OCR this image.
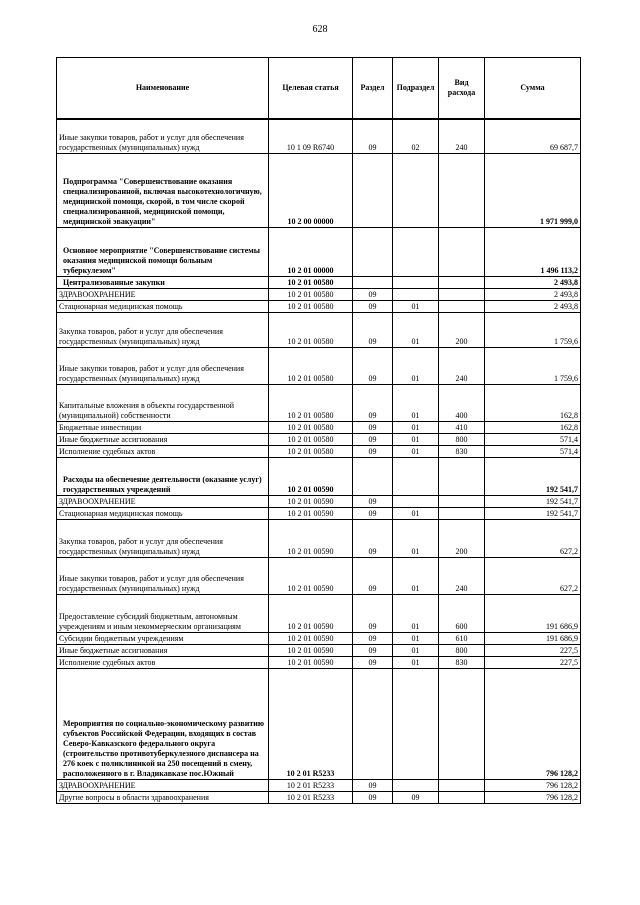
628
Наименование	Целевая статья	Раздел	Подраздел	Вид расхода	Сумма
Иные закупки товаров, работ и услуг для обеспечения государственных (муниципальных) нужд	10 1 09 R6740	09	02	240	69 687,7
Подпрограмма "Совершенствование оказания специализированной, включая высокотехнологичную, медицинской помощи, скорой, в том числе скорой специализированной, медицинской помощи, медицинской эвакуации"	10 2 00 00000				1 971 999,0
Основное мероприятие "Совершенствование системы оказания медицинской помощи больным туберкулезом"	10 2 01 00000				1 496 113,2
Централизованные закупки	10 2 01 00580				2 493,8
ЗДРАВООХРАНЕНИЕ	10 2 01 00580	09			2 493,8
Стационарная медицинская помощь	10 2 01 00580	09	01		2 493,8
Закупка товаров, работ и услуг для обеспечения государственных (муниципальных) нужд	10 2 01 00580	09	01	200	1 759,6
Иные закупки товаров, работ и услуг для обеспечения государственных (муниципальных) нужд	10 2 01 00580	09	01	240	1 759,6
Капитальные вложения в объекты государственной (муниципальной) собственности	10 2 01 00580	09	01	400	162,8
Бюджетные инвестиции	10 2 01 00580	09	01	410	162,8
Иные бюджетные ассигнования	10 2 01 00580	09	01	800	571,4
Исполнение судебных актов	10 2 01 00580	09	01	830	571,4
Расходы на обеспечение деятельности (оказание услуг) государственных учреждений	10 2 01 00590				192 541,7
ЗДРАВООХРАНЕНИЕ	10 2 01 00590	09			192 541,7
Стационарная медицинская помощь	10 2 01 00590	09	01		192 541,7
Закупка товаров, работ и услуг для обеспечения государственных (муниципальных) нужд	10 2 01 00590	09	01	200	627,2
Иные закупки товаров, работ и услуг для обеспечения государственных (муниципальных) нужд	10 2 01 00590	09	01	240	627,2
Предоставление субсидий бюджетным, автономным учреждениям и иным некоммерческим организациям	10 2 01 00590	09	01	600	191 686,9
Субсидии бюджетным учреждениям	10 2 01 00590	09	01	610	191 686,9
Иные бюджетные ассигнования	10 2 01 00590	09	01	800	227,5
Исполнение судебных актов	10 2 01 00590	09	01	830	227,5
Мероприятия по социально-экономическому развитию субъектов Российской Федерации, входящих в состав Северо-Кавказского федерального округа (строительство противотуберкулезного диспансера на 276 коек с поликлиникой на 250 посещений в смену, расположенного в г. Владикавказе пос.Южный	10 2 01 R5233				796 128,2
ЗДРАВООХРАНЕНИЕ	10 2 01 R5233	09			796 128,2
Другие вопросы в области здравоохранения	10 2 01 R5233	09	09		796 128,2
